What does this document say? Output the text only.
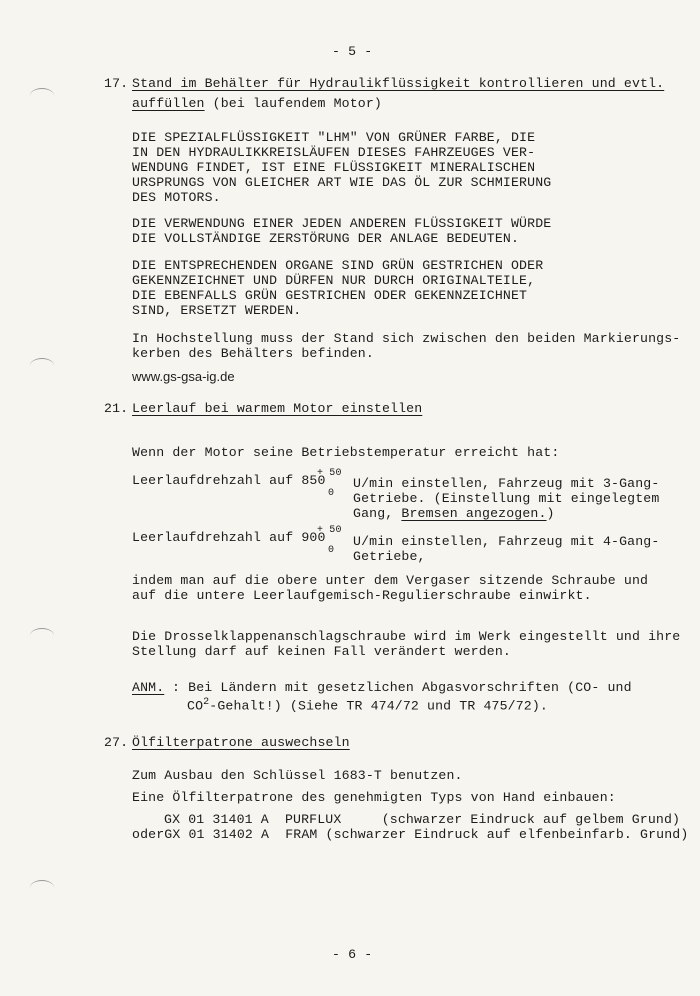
- 5 -
17. Stand im Behälter für Hydraulikflüssigkeit kontrollieren und evtl.
auffüllen (bei laufendem Motor)
DIE SPEZIALFLÜSSIGKEIT "LHM" VON GRÜNER FARBE, DIE
IN DEN HYDRAULIKKREISLÄUFEN DIESES FAHRZEUGES VER-
WENDUNG FINDET, IST EINE FLÜSSIGKEIT MINERALISCHEN
URSPRUNGS VON GLEICHER ART WIE DAS ÖL ZUR SCHMIERUNG
DES MOTORS.
DIE VERWENDUNG EINER JEDEN ANDEREN FLÜSSIGKEIT WÜRDE
DIE VOLLSTÄNDIGE ZERSTÖRUNG DER ANLAGE BEDEUTEN.
DIE ENTSPRECHENDEN ORGANE SIND GRÜN GESTRICHEN ODER
GEKENNZEICHNET UND DÜRFEN NUR DURCH ORIGINALTEILE,
DIE EBENFALLS GRÜN GESTRICHEN ODER GEKENNZEICHNET
SIND, ERSETZT WERDEN.
In Hochstellung muss der Stand sich zwischen den beiden Markierungs-
kerben des Behälters befinden.
www.gs-gsa-ig.de
21. Leerlauf bei warmem Motor einstellen
Wenn der Motor seine Betriebstemperatur erreicht hat:
Leerlaufdrehzahl auf 850
+ 50
0
U/min einstellen, Fahrzeug mit 3-Gang-
Getriebe. (Einstellung mit eingelegtem
Gang, Bremsen angezogen.)
Leerlaufdrehzahl auf 900
+ 50
0
U/min einstellen, Fahrzeug mit 4-Gang-
Getriebe,
indem man auf die obere unter dem Vergaser sitzende Schraube und
auf die untere Leerlaufgemisch-Regulierschraube einwirkt.
Die Drosselklappenanschlagschraube wird im Werk eingestellt und ihre
Stellung darf auf keinen Fall verändert werden.
ANM. : Bei Ländern mit gesetzlichen Abgasvorschriften (CO- und
$CO^2-Gehalt$!) (Siehe TR 474/72 und TR 475/72).
27. Ölfilterpatrone auswechseln
Zum Ausbau den Schlüssel 1683-T benutzen.
Eine Ölfilterpatrone des genehmigten Typs von Hand einbauen:
GX 01 31401 A  PURFLUX     (schwarzer Eindruck auf gelbem Grund)
oderGX 01 31402 A  FRAM (schwarzer Eindruck auf elfenbeinfarb. Grund)
- 6 -
